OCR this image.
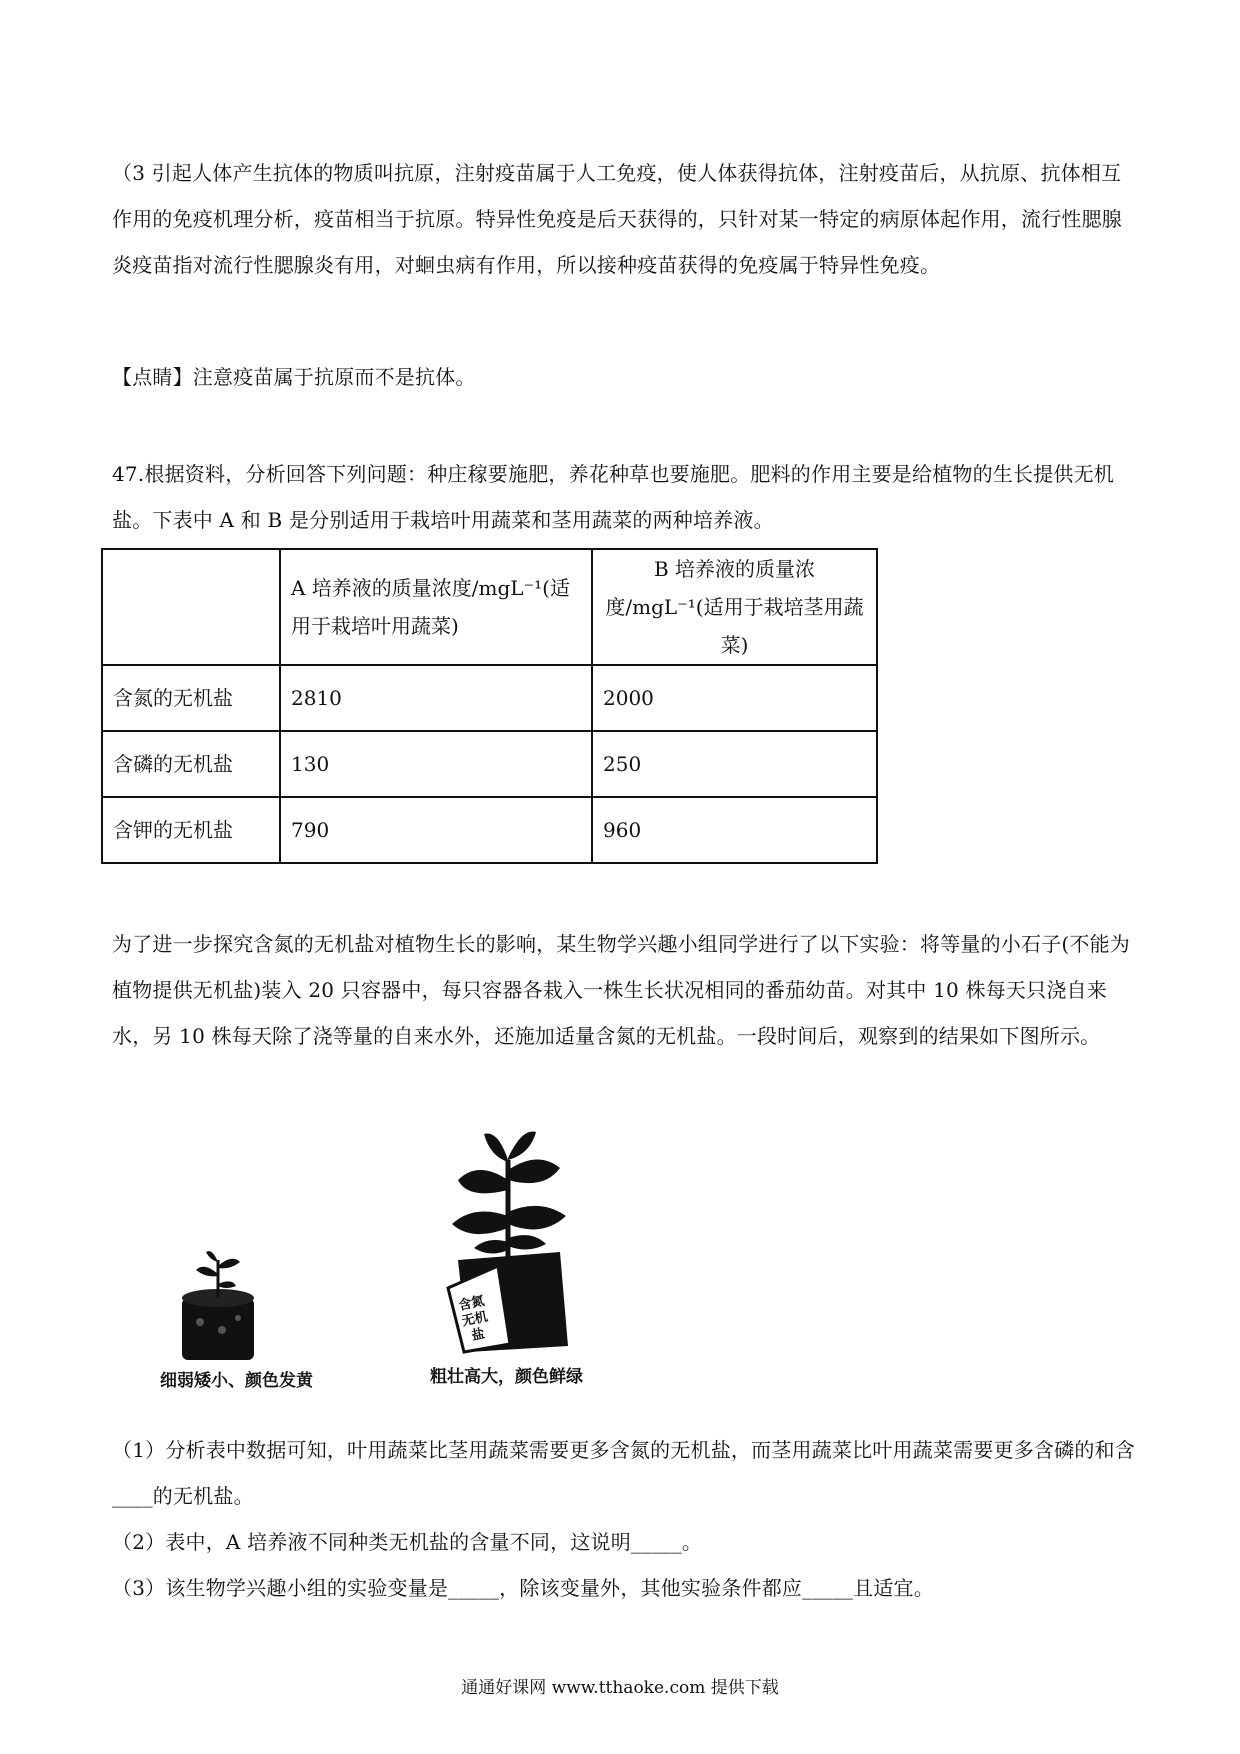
（3 引起人体产生抗体的物质叫抗原，注射疫苗属于人工免疫，使人体获得抗体，注射疫苗后，从抗原、抗体相互作用的免疫机理分析，疫苗相当于抗原。特异性免疫是后天获得的，只针对某一特定的病原体起作用，流行性腮腺炎疫苗指对流行性腮腺炎有用，对蛔虫病有作用，所以接种疫苗获得的免疫属于特异性免疫。

【点睛】注意疫苗属于抗原而不是抗体。

47.根据资料，分析回答下列问题：种庄稼要施肥，养花种草也要施肥。肥料的作用主要是给植物的生长提供无机盐。下表中 A 和 B 是分别适用于栽培叶用蔬菜和茎用蔬菜的两种培养液。

	A 培养液的质量浓度/mgL⁻¹(适用于栽培叶用蔬菜)	B 培养液的质量浓度/mgL⁻¹(适用于栽培茎用蔬菜)
含氮的无机盐	2810	2000
含磷的无机盐	130	250
含钾的无机盐	790	960

为了进一步探究含氮的无机盐对植物生长的影响，某生物学兴趣小组同学进行了以下实验：将等量的小石子(不能为植物提供无机盐)装入 20 只容器中，每只容器各栽入一株生长状况相同的番茄幼苗。对其中 10 株每天只浇自来水，另 10 株每天除了浇等量的自来水外，还施加适量含氮的无机盐。一段时间后，观察到的结果如下图所示。

含氮无机盐
细弱矮小、颜色发黄	粗壮高大，颜色鲜绿
（1）分析表中数据可知，叶用蔬菜比茎用蔬菜需要更多含氮的无机盐，而茎用蔬菜比叶用蔬菜需要更多含磷的和含____的无机盐。
（2）表中，A 培养液不同种类无机盐的含量不同，这说明_____。
（3）该生物学兴趣小组的实验变量是_____，除该变量外，其他实验条件都应_____且适宜。
通通好课网 www.tthaoke.com 提供下载
